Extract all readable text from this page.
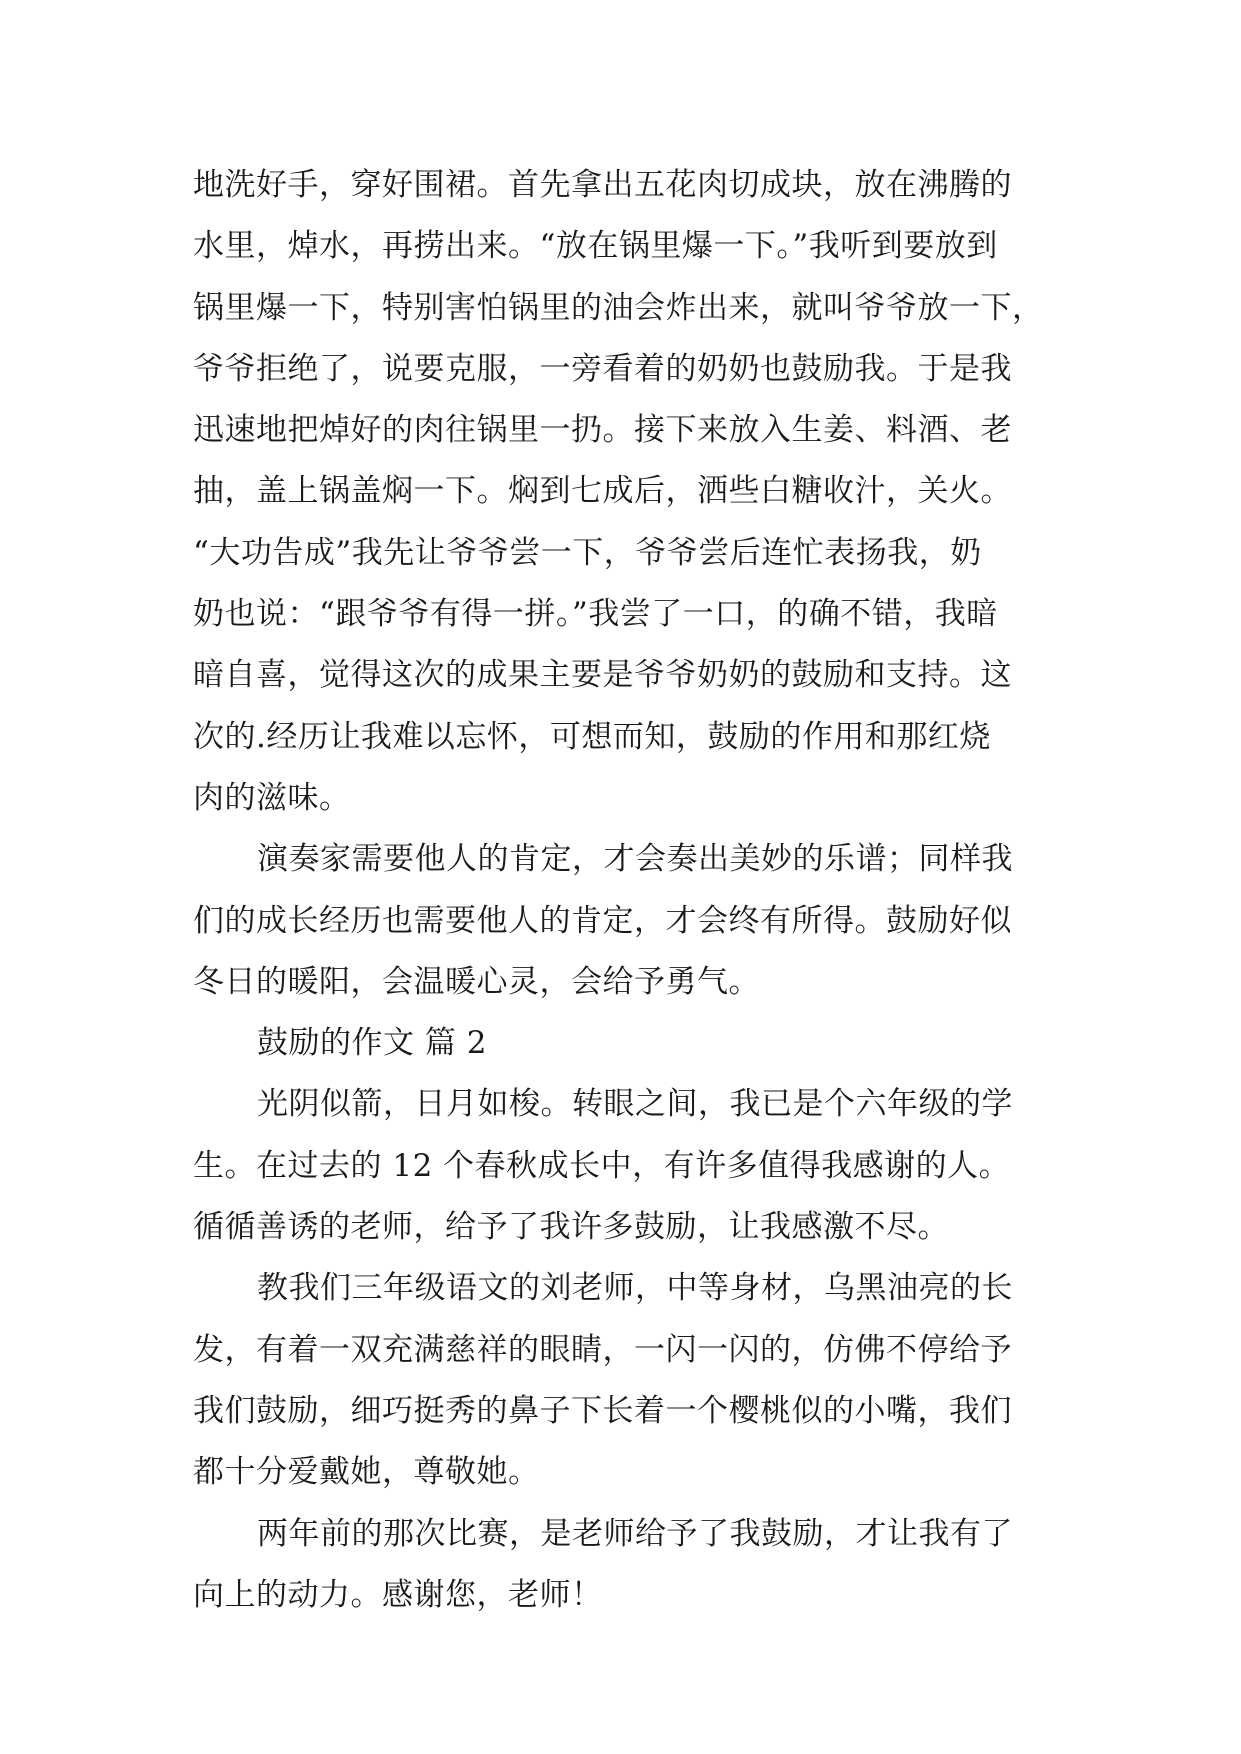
地洗好手，穿好围裙。首先拿出五花肉切成块，放在沸腾的
水里，焯水，再捞出来。“放在锅里爆一下。”我听到要放到
锅里爆一下，特别害怕锅里的油会炸出来，就叫爷爷放一下，
爷爷拒绝了，说要克服，一旁看着的奶奶也鼓励我。于是我
迅速地把焯好的肉往锅里一扔。接下来放入生姜、料酒、老
抽，盖上锅盖焖一下。焖到七成后，洒些白糖收汁，关火。
“大功告成”我先让爷爷尝一下，爷爷尝后连忙表扬我，奶
奶也说：“跟爷爷有得一拼。”我尝了一口，的确不错，我暗
暗自喜，觉得这次的成果主要是爷爷奶奶的鼓励和支持。这
次的.经历让我难以忘怀，可想而知，鼓励的作用和那红烧
肉的滋味。
演奏家需要他人的肯定，才会奏出美妙的乐谱；同样我
们的成长经历也需要他人的肯定，才会终有所得。鼓励好似
冬日的暖阳，会温暖心灵，会给予勇气。
鼓励的作文 篇 2
光阴似箭，日月如梭。转眼之间，我已是个六年级的学
生。在过去的 12 个春秋成长中，有许多值得我感谢的人。
循循善诱的老师，给予了我许多鼓励，让我感激不尽。
教我们三年级语文的刘老师，中等身材，乌黑油亮的长
发，有着一双充满慈祥的眼睛，一闪一闪的，仿佛不停给予
我们鼓励，细巧挺秀的鼻子下长着一个樱桃似的小嘴，我们
都十分爱戴她，尊敬她。
两年前的那次比赛，是老师给予了我鼓励，才让我有了
向上的动力。感谢您，老师！
